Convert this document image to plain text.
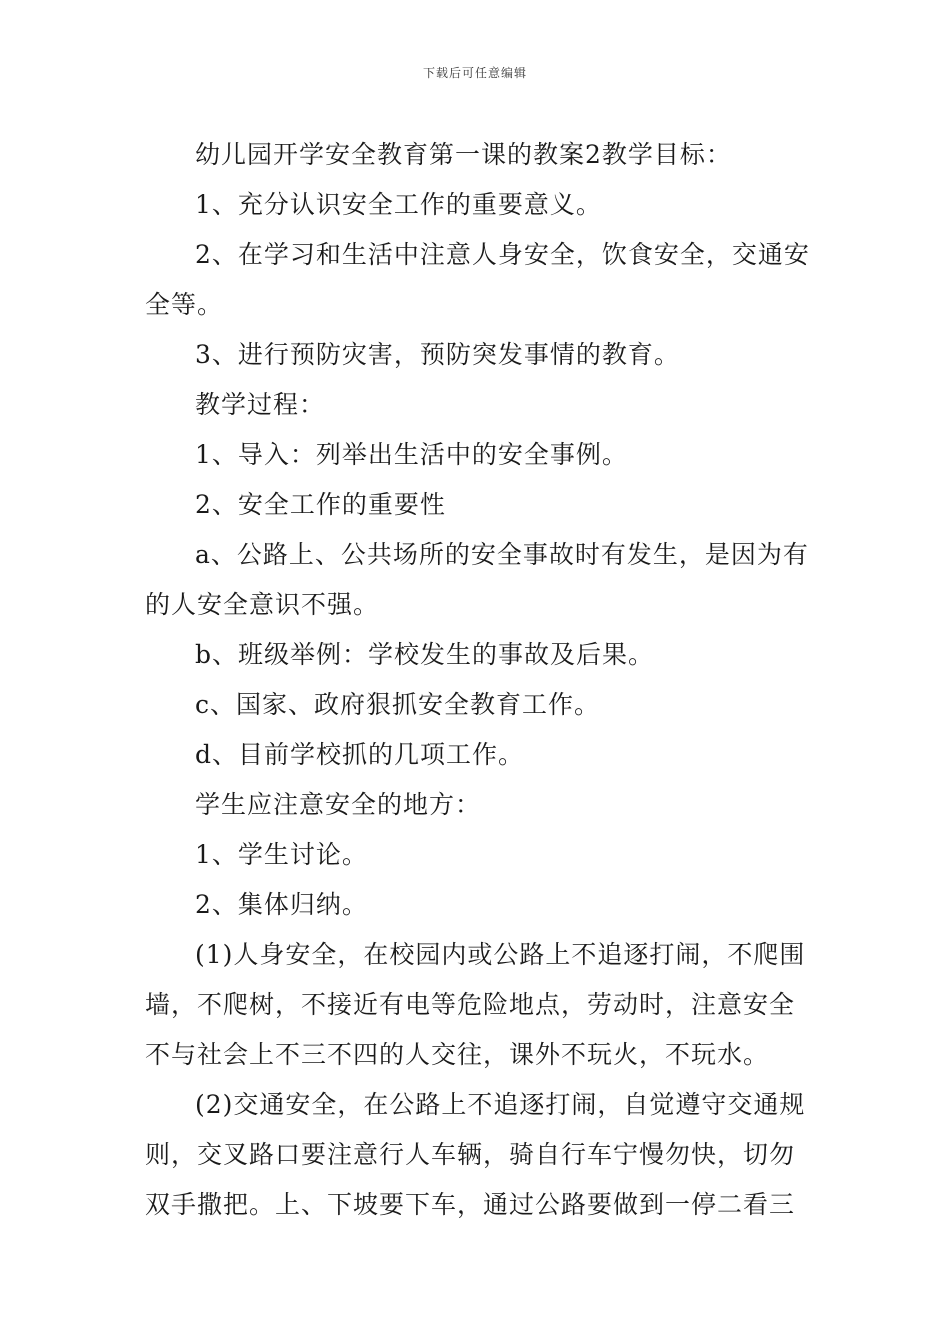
下载后可任意编辑

幼儿园开学安全教育第一课的教案2教学目标：

1、充分认识安全工作的重要意义。

2、在学习和生活中注意人身安全，饮食安全，交通安全等。

3、进行预防灾害，预防突发事情的教育。

教学过程：

1、导入：列举出生活中的安全事例。

2、安全工作的重要性

a、公路上、公共场所的安全事故时有发生，是因为有的人安全意识不强。

b、班级举例：学校发生的事故及后果。

c、国家、政府狠抓安全教育工作。

d、目前学校抓的几项工作。

学生应注意安全的地方：

1、学生讨论。

2、集体归纳。

(1)人身安全，在校园内或公路上不追逐打闹，不爬围墙，不爬树，不接近有电等危险地点，劳动时，注意安全不与社会上不三不四的人交往，课外不玩火，不玩水。

(2)交通安全，在公路上不追逐打闹，自觉遵守交通规则，交叉路口要注意行人车辆，骑自行车宁慢勿快，切勿双手撒把。上、下坡要下车，通过公路要做到一停二看三
